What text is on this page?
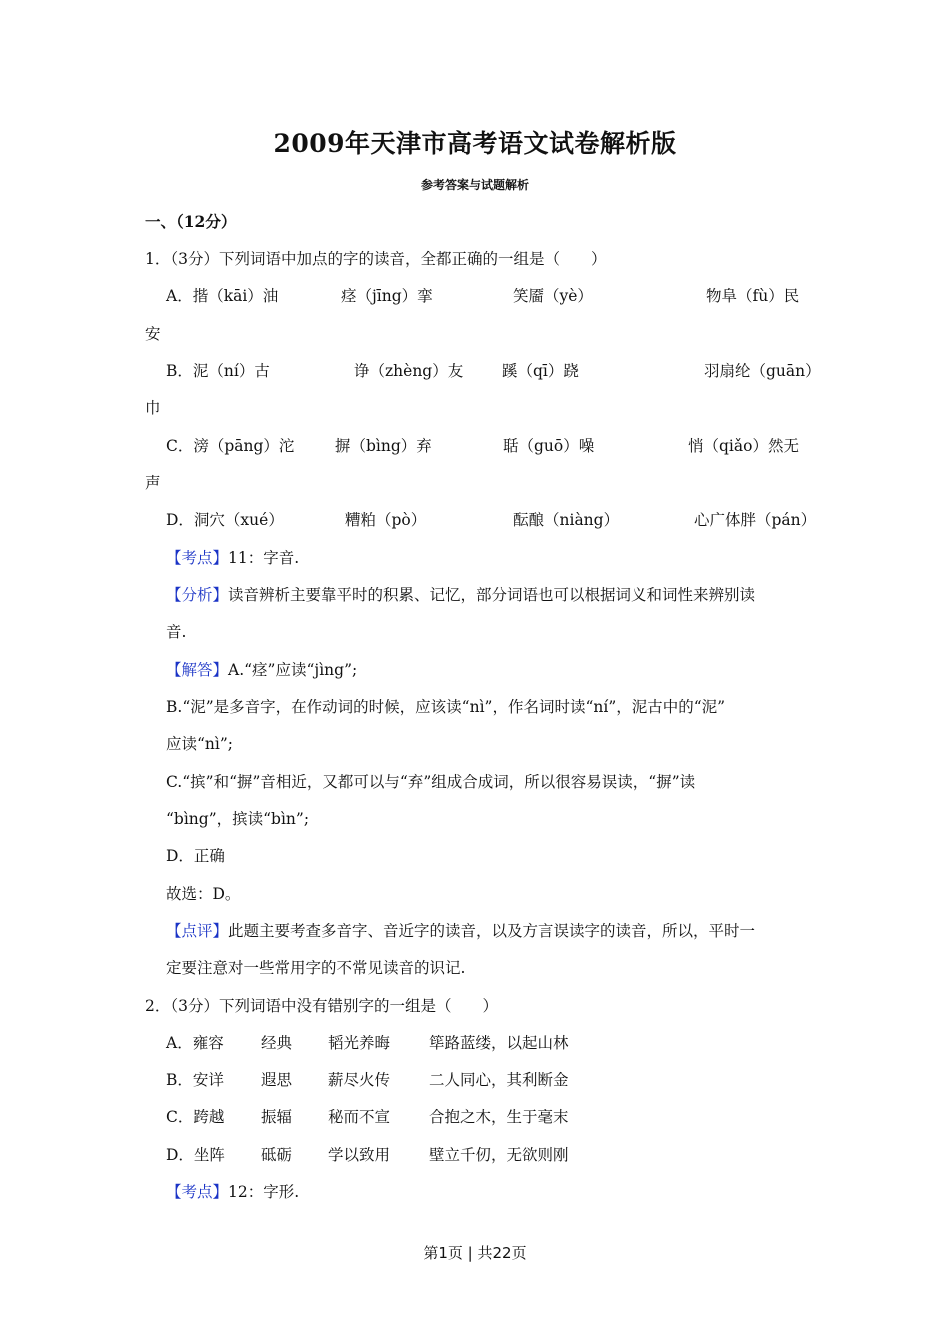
2009年天津市高考语文试卷解析版
参考答案与试题解析
一、（12分）
1．（3分）下列词语中加点的字的读音，全都正确的一组是（　　）
A．揩（kāi）油	痉（jīng）挛	笑靥（yè）	物阜（fù）民
安
B．泥（ní）古	诤（zhèng）友	蹊（qī）跷	羽扇纶（guān）
巾
C．滂（pāng）沱	摒（bìng）弃	聒（guō）噪	悄（qiǎo）然无
声
D．洞穴（xué）	糟粕（pò）	酝酿（niàng）	心广体胖（pán）
【考点】11：字音.
【分析】读音辨析主要靠平时的积累、记忆，部分词语也可以根据词义和词性来辨别读
音.
【解答】A.“痉”应读“jìng”;
B.“泥”是多音字，在作动词的时候，应该读“nì”，作名词时读“ní”，泥古中的“泥”
应读“nì”;
C.“摈”和“摒”音相近，又都可以与“弃”组成合成词，所以很容易误读，“摒”读
“bìng”，摈读“bìn”;
D．正确
故选：D。
【点评】此题主要考查多音字、音近字的读音，以及方言误读字的读音，所以，平时一
定要注意对一些常用字的不常见读音的识记.
2．（3分）下列词语中没有错别字的一组是（　　）
A．雍容 经典 韬光养晦	筚路蓝缕，以起山林
B．安详 遐思 薪尽火传	二人同心，其利断金
C．跨越 振辐 秘而不宣	合抱之木，生于毫末
D．坐阵 砥砺 学以致用	壁立千仞，无欲则刚
【考点】12：字形.
第1页 | 共22页
